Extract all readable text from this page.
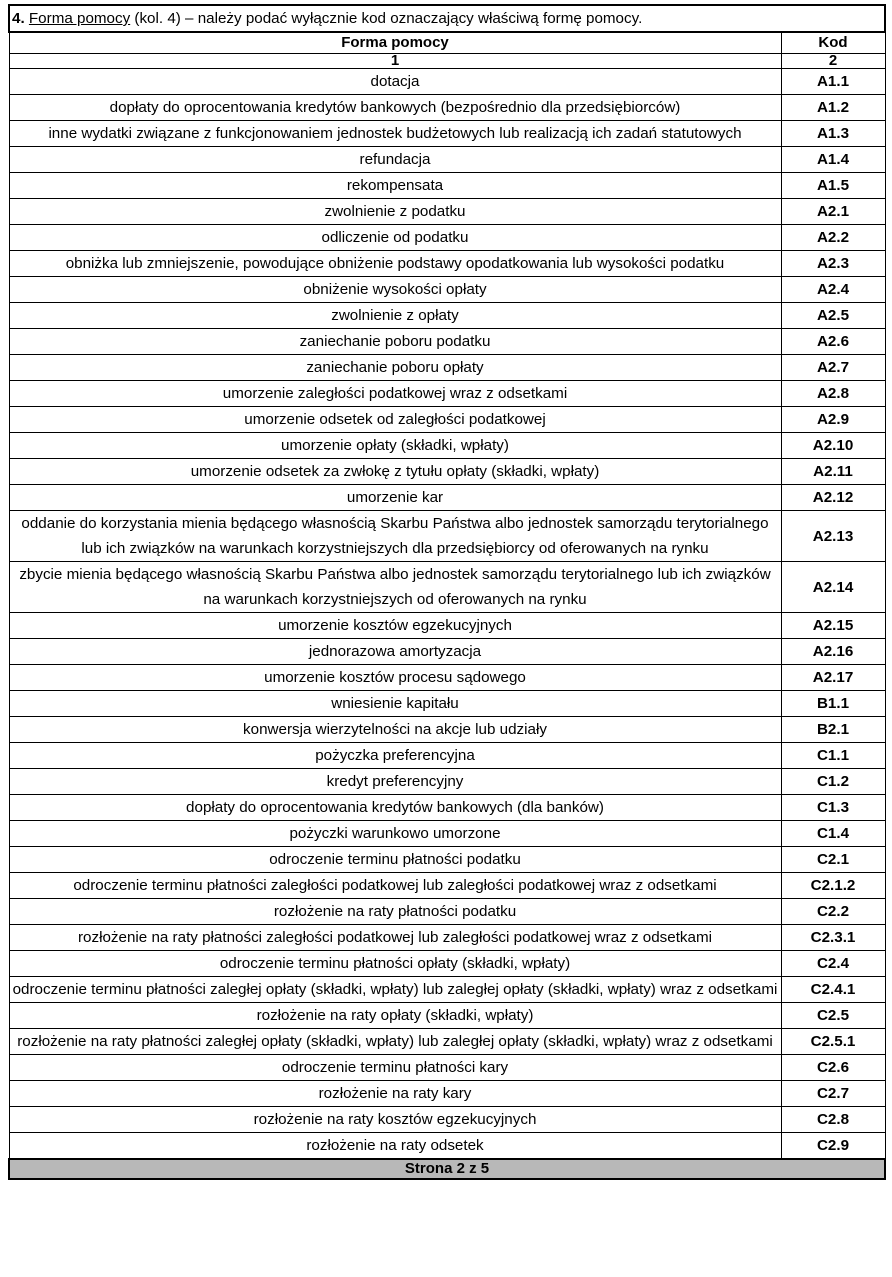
4. Forma pomocy (kol. 4) – należy podać wyłącznie kod oznaczający właściwą formę pomocy.	
Forma pomocy	Kod
1	2
dotacja	A1.1
dopłaty do oprocentowania kredytów bankowych (bezpośrednio dla przedsiębiorców)	A1.2
inne wydatki związane z funkcjonowaniem jednostek budżetowych lub realizacją ich zadań statutowych	A1.3
refundacja	A1.4
rekompensata	A1.5
zwolnienie z podatku	A2.1
odliczenie od podatku	A2.2
obniżka lub zmniejszenie, powodujące obniżenie podstawy opodatkowania lub wysokości podatku	A2.3
obniżenie wysokości opłaty	A2.4
zwolnienie z opłaty	A2.5
zaniechanie poboru podatku	A2.6
zaniechanie poboru opłaty	A2.7
umorzenie zaległości podatkowej wraz z odsetkami	A2.8
umorzenie odsetek od zaległości podatkowej	A2.9
umorzenie opłaty (składki, wpłaty)	A2.10
umorzenie odsetek za zwłokę z tytułu opłaty (składki, wpłaty)	A2.11
umorzenie kar	A2.12
oddanie do korzystania mienia będącego własnością Skarbu Państwa albo jednostek samorządu terytorialnego lub ich związków na warunkach korzystniejszych dla przedsiębiorcy od oferowanych na rynku	A2.13
zbycie mienia będącego własnością Skarbu Państwa albo jednostek samorządu terytorialnego lub ich związków na warunkach korzystniejszych od oferowanych na rynku	A2.14
umorzenie kosztów egzekucyjnych	A2.15
jednorazowa amortyzacja	A2.16
umorzenie kosztów procesu sądowego	A2.17
wniesienie kapitału	B1.1
konwersja wierzytelności na akcje lub udziały	B2.1
pożyczka preferencyjna	C1.1
kredyt preferencyjny	C1.2
dopłaty do oprocentowania kredytów bankowych (dla banków)	C1.3
pożyczki warunkowo umorzone	C1.4
odroczenie terminu płatności podatku	C2.1
odroczenie terminu płatności zaległości podatkowej lub zaległości podatkowej wraz z odsetkami	C2.1.2
rozłożenie na raty płatności podatku	C2.2
rozłożenie na raty płatności zaległości podatkowej lub zaległości podatkowej wraz z odsetkami	C2.3.1
odroczenie terminu płatności opłaty (składki, wpłaty)	C2.4
odroczenie terminu płatności zaległej opłaty (składki, wpłaty) lub zaległej opłaty (składki, wpłaty) wraz z odsetkami	C2.4.1
rozłożenie na raty opłaty (składki, wpłaty)	C2.5
rozłożenie na raty płatności zaległej opłaty (składki, wpłaty) lub zaległej opłaty (składki, wpłaty) wraz z odsetkami	C2.5.1
odroczenie terminu płatności kary	C2.6
rozłożenie na raty kary	C2.7
rozłożenie na raty kosztów egzekucyjnych	C2.8
rozłożenie na raty odsetek	C2.9
Strona 2 z 5	
